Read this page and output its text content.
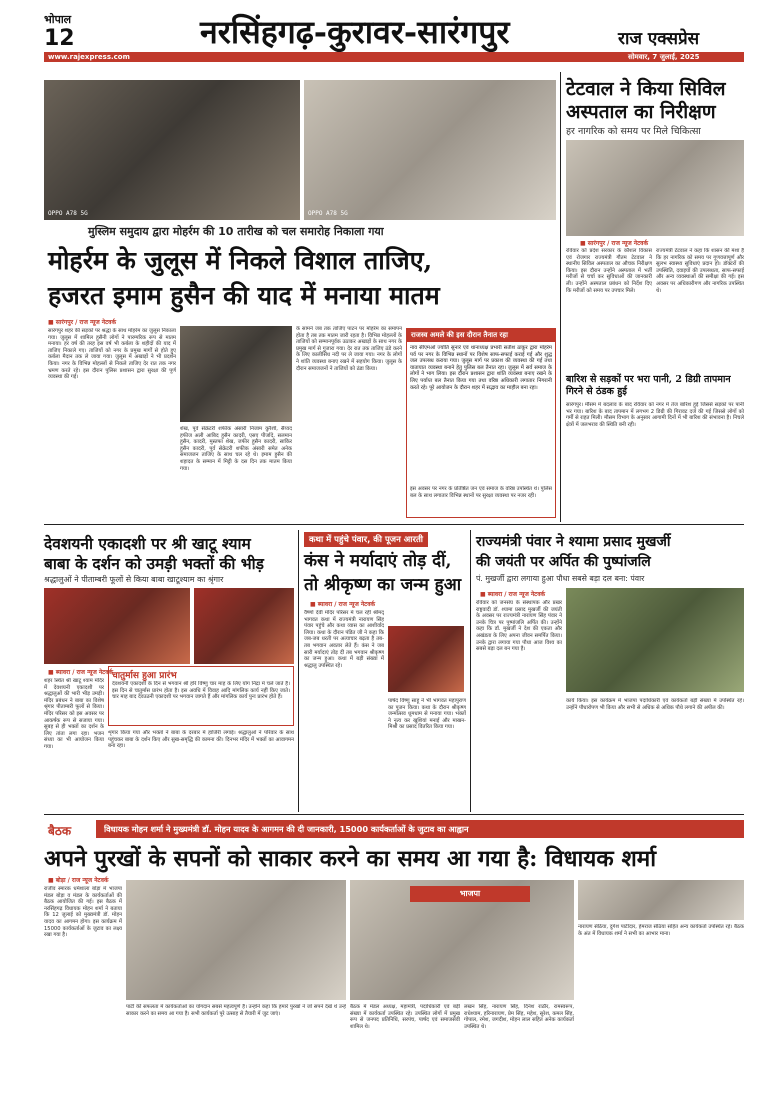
भोपाल
12	नरसिंहगढ़-कुरावर-सारंगपुर	राज एक्सप्रेस
www.rajexpress.com	सोमवार, 7 जुलाई, 2025
OPPO A78 5G	OPPO A78 5G
मुस्लिम समुदाय द्वारा मोहर्रम की 10 तारीख को चल समारोह निकाला गया
मोहर्रम के जुलूस में निकले विशाल ताजिए,
हजरत इमाम हुसैन की याद में मनाया मातम
■ सारंगपुर / राज न्यूज नेटवर्क
सारंगपुर शहर की सड़कों पर श्रद्धा के साथ मोहर्रम का जुलूस निकाला गया। जुलूस में शामिल हुसैनी लोगों ने पारम्परिक रूप से मातम मनाया। हर वर्ष की तरह इस वर्ष भी कर्बला के शहीदों की याद में ताजिए निकाले गए। ताजियों को नगर के प्रमुख मार्गों से होते हुए कर्बला मैदान तक ले जाया गया। जुलूस में अखाड़ों ने भी प्रदर्शन किया। नगर के विभिन्न मोहल्लों से निकले ताजिए देर रात तक नगर भ्रमण करते रहे। इस दौरान पुलिस प्रशासन द्वारा सुरक्षा की पूर्ण व्यवस्था की गई।
शेख, पूर्व सेक्रेटरी शफीक अंसारी निजाम कुरैशी, सैय्यद हफीज अली आबिद हुसैन कादरी, एसए पीर्जादे, सलमान हुसैन, कादरी, मुस्तफा शेख, जफीर हुसैन कादरी, साकिर हुसैन कादरी, पूर्व सेक्रेटरी शफीक अंसारी समेत अनेक समाजजन ताजिए के साथ चल रहे थे। इमाम हुसैन की शहादत के सम्मान में मिट्टी के दस दिन तक मातम किया गया।
के सामने जब तक ताजिए पाटन पर मोहर्रम का समापन होता है तब तक मातम जारी रहता है। विभिन्न मोहल्लों के ताजियों को सम्मानपूर्वक उठाकर अखाड़ों के साथ नगर के प्रमुख मार्ग से गुजारा गया। देर रात तक ताजिए ठंडे करने के लिए कालीसिंध नदी पर ले जाया गया। नगर के लोगों ने शांति व्यवस्था बनाए रखने में सहयोग किया। जुलूस के दौरान समाजजनों ने ताजियों को ठंडा किया।
राजस्व अमले की इस दौरान तैनात रहा
नाव सीएमओ ज्योति सुनारे एवं थानाध्यक्ष प्रभारी सतीश ठाकुर द्वारा मोहर्रम पर्व पर नगर के विभिन्न स्थानों पर विशेष साफ-सफाई कराई गई और शुद्ध जल उपलब्ध कराया गया। जुलूस मार्ग पर प्रकाश की व्यवस्था की गई तथा यातायात व्यवस्था बनाने हेतु पुलिस बल तैनात रहा। जुलूस में सर्व समाज के लोगों ने भाग लिया। इस दौरान प्रशासन द्वारा शांति व्यवस्था बनाए रखने के लिए पर्याप्त बल तैनात किया गया तथा वरिष्ठ अधिकारी लगातार निगरानी करते रहे। पूरे आयोजन के दौरान शहर में सद्भाव का माहौल बना रहा।
इस अवसर पर नगर के प्रतिष्ठित जन एवं समाज के वरिष्ठ उपस्थित थे। पुलिस बल के साथ लगातार विभिन्न स्थानों पर सुरक्षा व्यवस्था पर नजर रही।
टेटवाल ने किया सिविल
अस्पताल का निरीक्षण
हर नागरिक को समय पर मिले चिकित्सा
■ सारंगपुर / राज न्यूज नेटवर्क
रविवार को प्रदेश सरकार के कौशल विकास एवं रोजगार राज्यमंत्री गौतम टेटवाल ने स्थानीय सिविल अस्पताल का औचक निरीक्षण किया। इस दौरान उन्होंने अस्पताल में भर्ती मरीजों से चर्चा कर सुविधाओं की जानकारी ली। उन्होंने अस्पताल प्रबंधन को निर्देश दिए कि मरीजों को समय पर उपचार मिले।
राज्यमंत्री टेटवाल ने कहा कि शासन की मंशा है कि हर नागरिक को समय पर गुणवत्तापूर्ण और सुलभ स्वास्थ्य सुविधाएं प्रदान हो। डॉक्टरों की उपस्थिति, दवाइयों की उपलब्धता, साफ-सफाई और अन्य व्यवस्थाओं की समीक्षा की गई। इस अवसर पर अधिकारीगण और नागरिक उपस्थित थे।
बारिश से सड़कों पर भरा पानी, 2 डिग्री तापमान गिरने से ठंडक हुई
सारंगपुर। मौसम में बदलाव के बाद रविवार को नगर में तेज बारिश हुई जिससे सड़कों पर पानी भर गया। बारिश के बाद तापमान में लगभग 2 डिग्री की गिरावट दर्ज की गई जिससे लोगों को गर्मी से राहत मिली। मौसम विभाग के अनुसार आगामी दिनों में भी बारिश की संभावना है। निचले क्षेत्रों में जलभराव की स्थिति बनी रही।
देवशयनी एकादशी पर श्री खाटू श्याम
बाबा के दर्शन को उमड़ी भक्तों की भीड़
श्रद्धालुओं ने पीताम्बरी फूलों से किया बाबा खाटूश्याम का श्रृंगार
■ ब्यावरा / राज न्यूज नेटवर्क
शहर स्थित श्री खाटू श्याम मंदिर में देवशयनी एकादशी पर श्रद्धालुओं की भारी भीड़ उमड़ी। मंदिर प्रबंधन ने बाबा का विशेष श्रृंगार पीताम्बरी फूलों से किया। मंदिर परिसर को इस अवसर पर आकर्षक रूप से सजाया गया। सुबह से ही भक्तों का दर्शन के लिए तांता लगा रहा। भजन संध्या का भी आयोजन किया गया।
चातुर्मास हुआ प्रारंभ
देवशयनी एकादशी के दिन से भगवान श्री हरि विष्णु चार माह के लिए योग निद्रा में चले जाते हैं। इस दिन से चातुर्मास प्रारंभ होता है। इस अवधि में विवाह आदि मांगलिक कार्य नहीं किए जाते। चार माह बाद देवउठनी एकादशी पर भगवान जागते हैं और मांगलिक कार्य पुनः प्रारंभ होते हैं।
शृंगार किया गया और भक्तों ने बाबा के दरबार में हाजिरी लगाई। श्रद्धालुओं ने परिवार के साथ पहुंचकर बाबा के दर्शन किए और सुख-समृद्धि की कामना की। दिनभर मंदिर में भक्तों का आवागमन बना रहा।
कथा में पहुंचे पंवार, की पूजन आरती
कंस ने मर्यादाएं तोड़ दीं,
तो श्रीकृष्ण का जन्म हुआ
■ ब्यावरा / राज न्यूज नेटवर्क
वैष्णो देवी मंदिर परिसर में चल रही श्रीमद् भागवत कथा में राज्यमंत्री नारायण सिंह पंवार पहुंचे और कथा व्यास का आशीर्वाद लिया। कथा के दौरान पंडित जी ने कहा कि जब-जब धरती पर अत्याचार बढ़ता है तब-तब भगवान अवतार लेते हैं। कंस ने जब सारी मर्यादाएं तोड़ दीं तब भगवान श्रीकृष्ण का जन्म हुआ। कथा में बड़ी संख्या में श्रद्धालु उपस्थित रहे।
पार्षद विष्णु साहू ने भी भागवत महापुराण का पूजन किया। कथा के दौरान श्रीकृष्ण जन्मोत्सव धूमधाम से मनाया गया। भक्तों ने नृत्य कर खुशियां मनाई और माखन-मिश्री का प्रसाद वितरित किया गया।
राज्यमंत्री पंवार ने श्यामा प्रसाद मुखर्जी
की जयंती पर अर्पित की पुष्पांजलि
पं. मुखर्जी द्वारा लगाया हुआ पौधा सबसे बड़ा दल बना: पंवार
■ ब्यावरा / राज न्यूज नेटवर्क
रविवार को जनसंघ के संस्थापक और प्रखर राष्ट्रवादी डॉ. श्यामा प्रसाद मुखर्जी की जयंती के अवसर पर राज्यमंत्री नारायण सिंह पंवार ने उनके चित्र पर पुष्पांजलि अर्पित की। उन्होंने कहा कि डॉ. मुखर्जी ने देश की एकता और अखंडता के लिए अपना जीवन समर्पित किया। उनके द्वारा लगाया गया पौधा आज विश्व का सबसे बड़ा दल बन गया है।
कार्य किया। इस कार्यक्रम में भाजपा पदाधिकारी एवं कार्यकर्ता बड़ी संख्या में उपस्थित रहे। उन्होंने पौधारोपण भी किया और सभी से अधिक से अधिक पौधे लगाने की अपील की।
बैठक	विधायक मोहन शर्मा ने मुख्यमंत्री डॉ. मोहन यादव के आगमन की दी जानकारी, 15000 कार्यकर्ताओं के जुटाव का आह्वान
अपने पुरखों के सपनों को साकार करने का समय आ गया है: विधायक शर्मा
■ बोड़ा / राज न्यूज नेटवर्क
राजीव स्मारक धर्मशाला बोड़ा में भाजपा मंडल बोड़ा व मंडल के कार्यकर्ताओं की बैठक आयोजित की गई। इस बैठक में नरसिंहगढ़ विधायक मोहन शर्मा ने बताया कि 12 जुलाई को मुख्यमंत्री डॉ. मोहन यादव का आगमन होगा। इस कार्यक्रम में 15000 कार्यकर्ताओं के जुटाव का लक्ष्य रखा गया है।
भाजपा
पार्टी की सफलता में कार्यकर्ताओं का योगदान सबसे महत्वपूर्ण है। उन्होंने कहा कि हमारे पुरखों ने जो सपने देखे थे उन्हें साकार करने का समय आ गया है। सभी कार्यकर्ता पूरे उत्साह से तैयारी में जुट जाएं।
बैठक में मंडल अध्यक्ष, महामंत्री, पदाधिकारी एवं बड़ी संख्या में कार्यकर्ता उपस्थित रहे। उपस्थित लोगों में प्रमुख रूप से जनपद प्रतिनिधि, सरपंच, पार्षद एवं समाजसेवी शामिल थे।
लखन सिंह, नारायण सिंह, दिनेश राठौर, रामस्वरूप, राधेश्याम, हरिनारायण, प्रेम सिंह, महेश, सुरेश, कमल सिंह, गोपाल, रमेश, जगदीश, मोहन लाल सहित अनेक कार्यकर्ता उपस्थित थे।
नारायण सेठिया, दुर्गेश पाटीदार, हेमराज सेठिया सहित अन्य कार्यकर्ता उपस्थित रहे। बैठक के अंत में विधायक शर्मा ने सभी का आभार माना।
